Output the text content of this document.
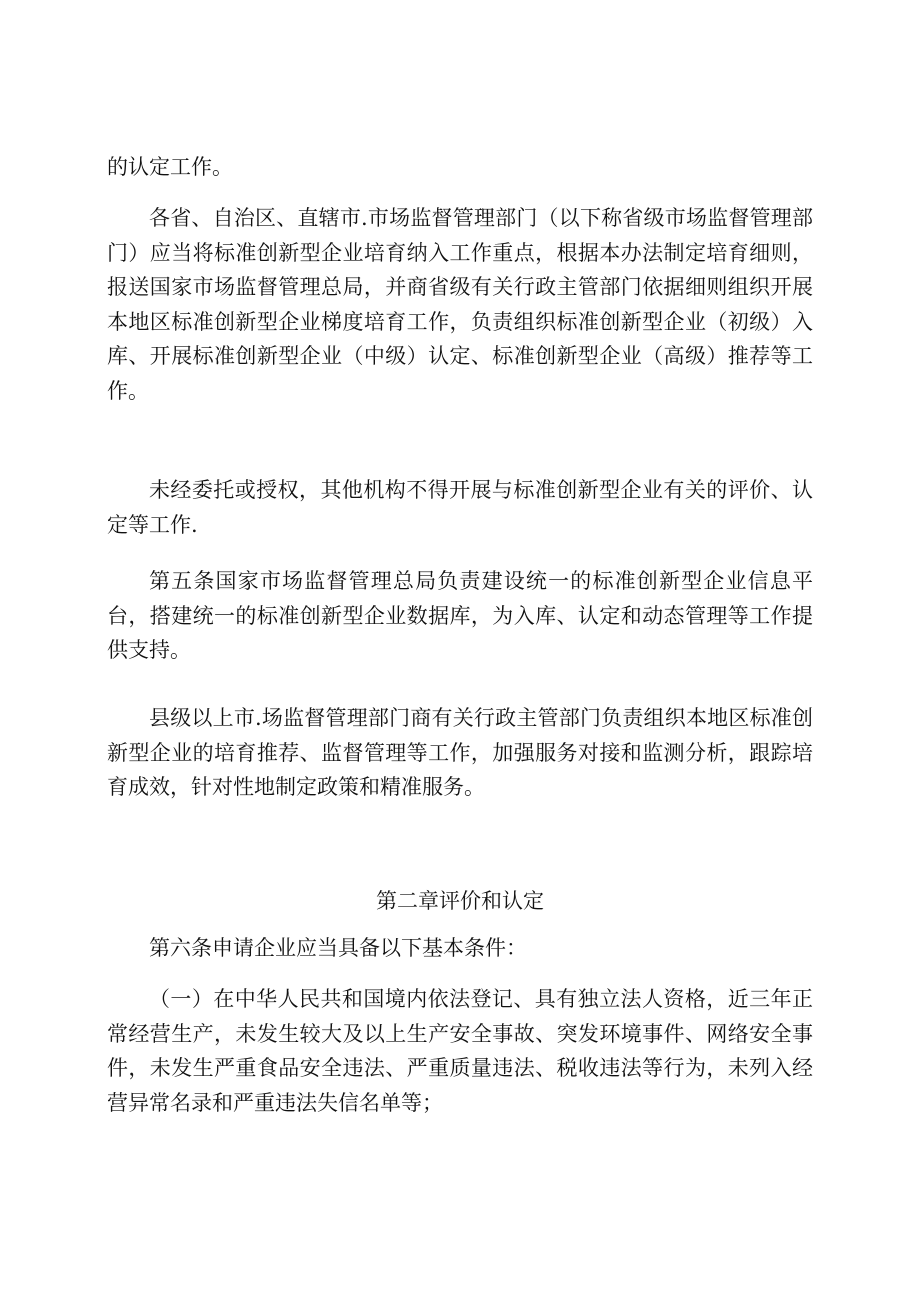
的认定工作。

各省、自治区、直辖市.市场监督管理部门（以下称省级市场监督管理部门）应当将标准创新型企业培育纳入工作重点，根据本办法制定培育细则，报送国家市场监督管理总局，并商省级有关行政主管部门依据细则组织开展本地区标准创新型企业梯度培育工作，负责组织标准创新型企业（初级）入库、开展标准创新型企业（中级）认定、标准创新型企业（高级）推荐等工作。

未经委托或授权，其他机构不得开展与标准创新型企业有关的评价、认定等工作.

第五条国家市场监督管理总局负责建设统一的标准创新型企业信息平台，搭建统一的标准创新型企业数据库，为入库、认定和动态管理等工作提供支持。

县级以上市.场监督管理部门商有关行政主管部门负责组织本地区标准创新型企业的培育推荐、监督管理等工作，加强服务对接和监测分析，跟踪培育成效，针对性地制定政策和精准服务。

第二章评价和认定

第六条申请企业应当具备以下基本条件：

（一）在中华人民共和国境内依法登记、具有独立法人资格，近三年正常经营生产，未发生较大及以上生产安全事故、突发环境事件、网络安全事件，未发生严重食品安全违法、严重质量违法、税收违法等行为，未列入经营异常名录和严重违法失信名单等；
